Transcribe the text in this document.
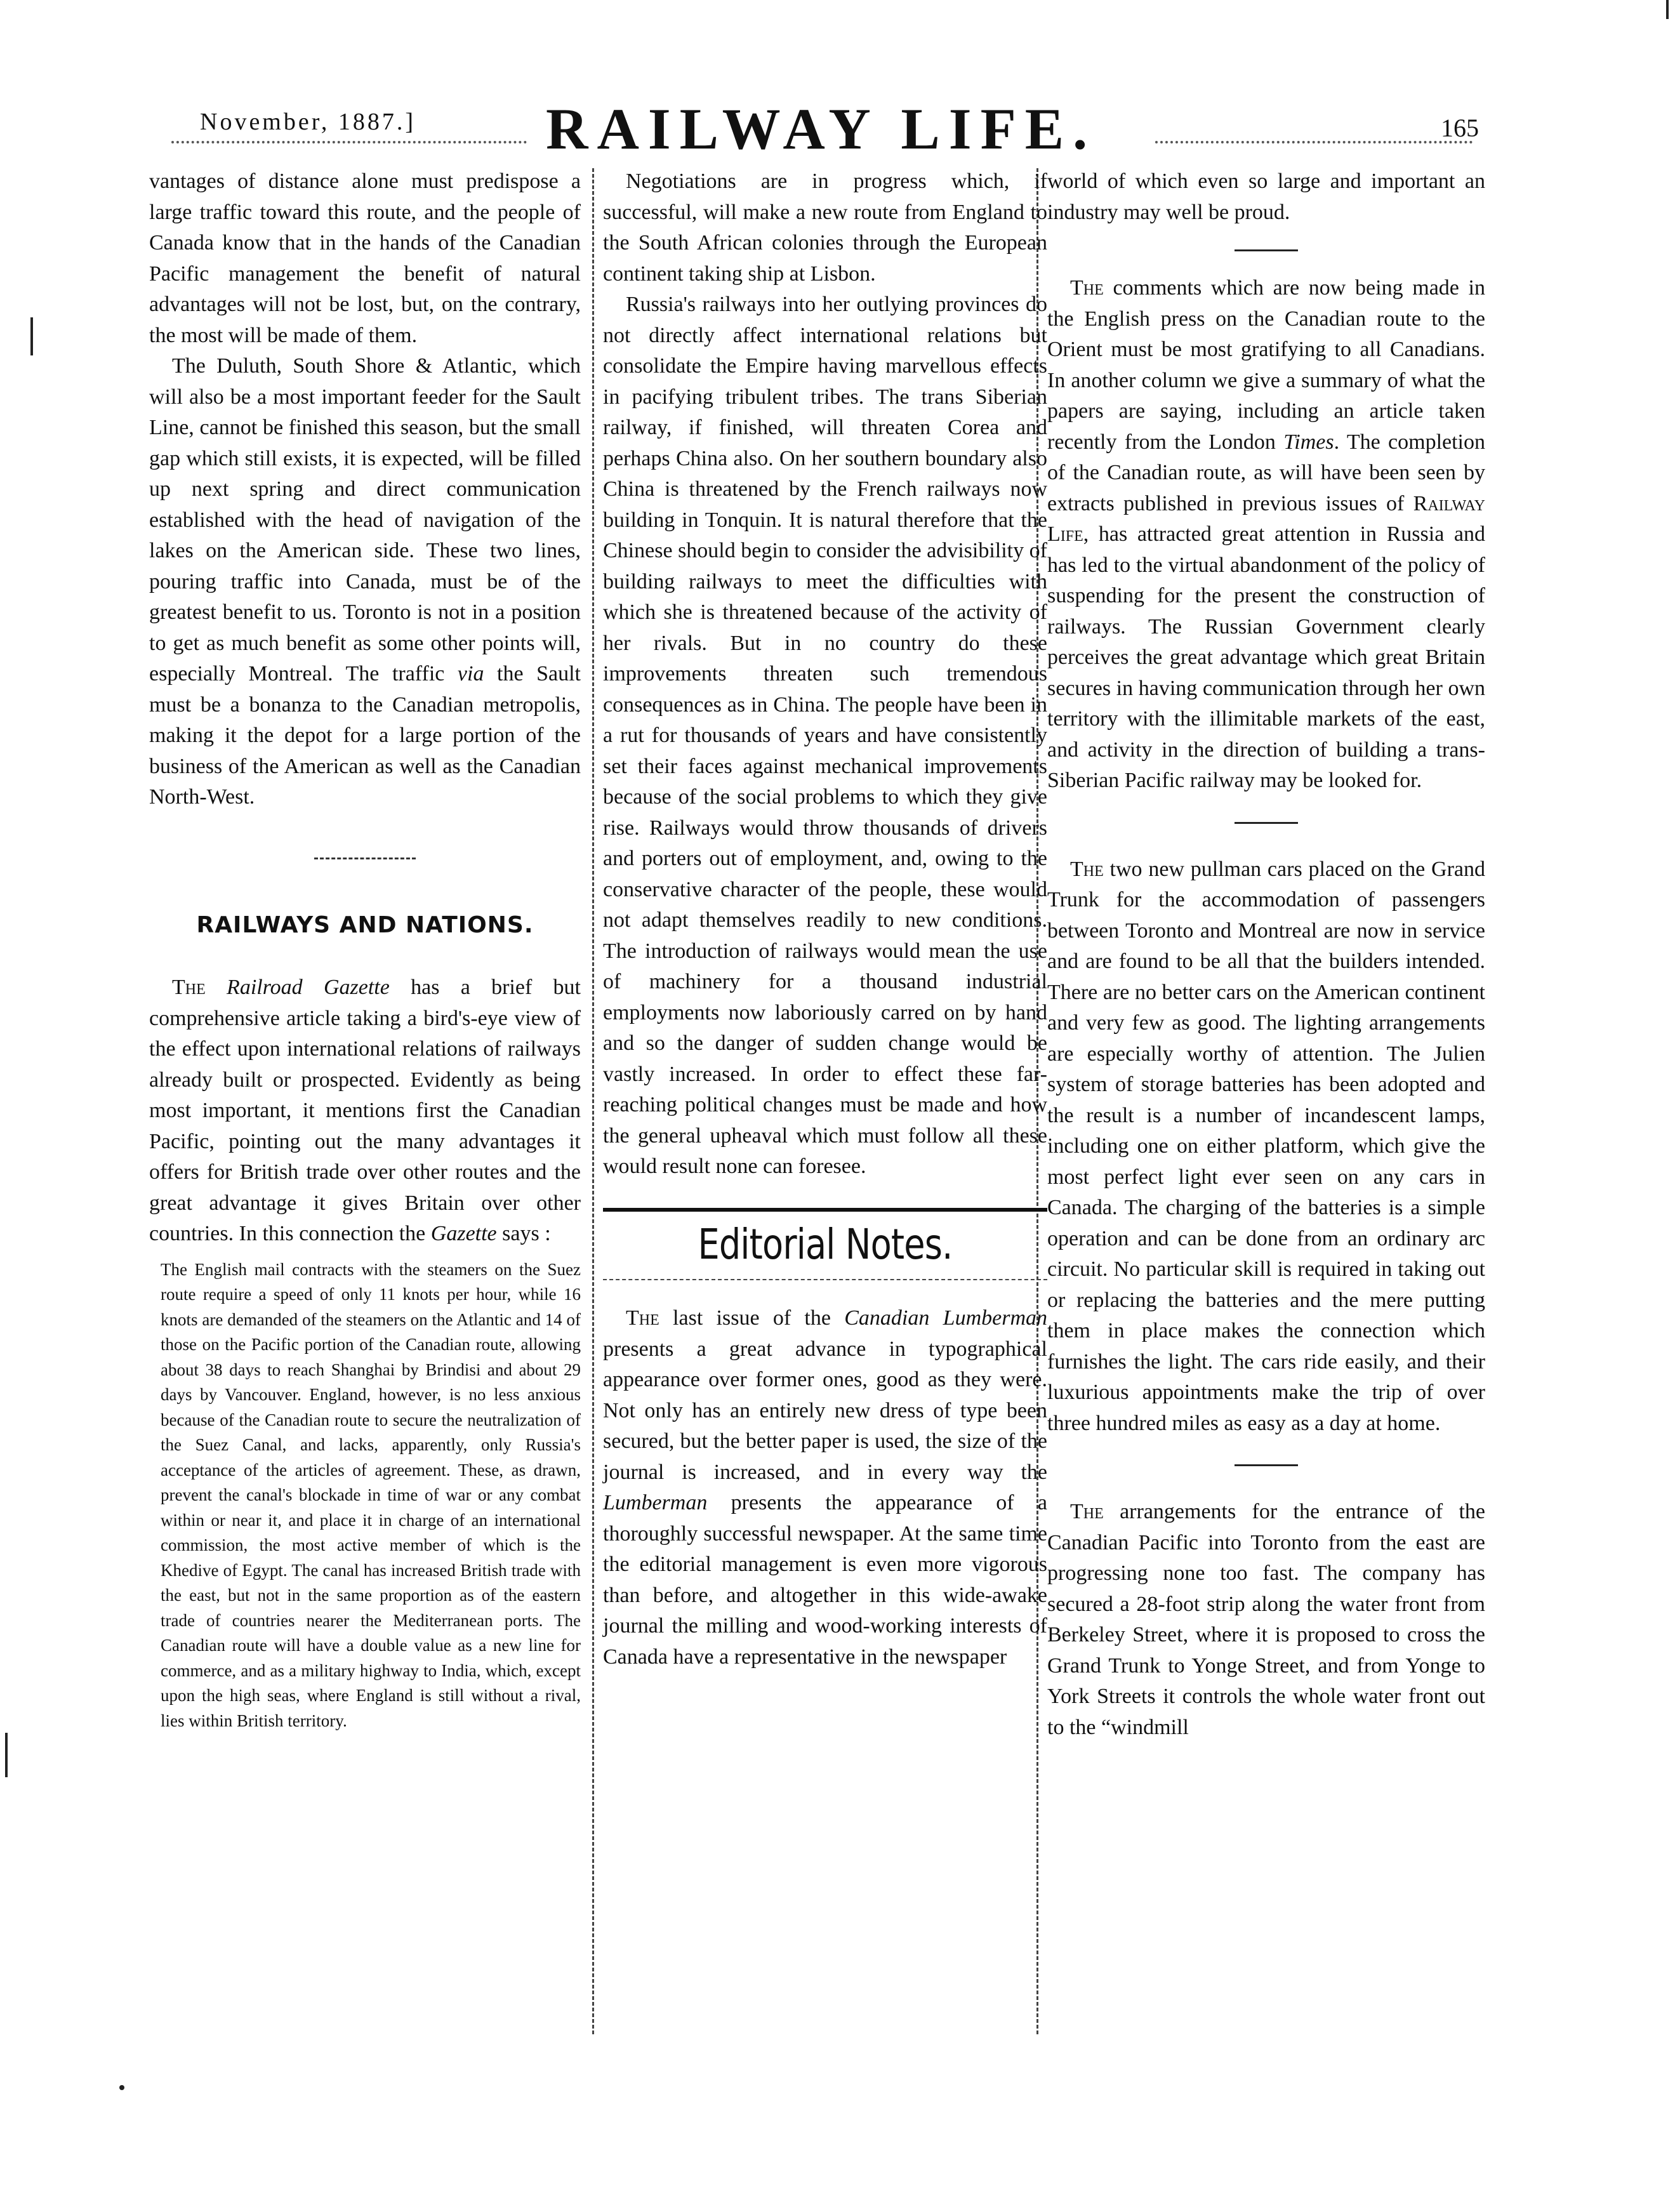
November, 1887.] RAILWAY LIFE.	165

vantages of distance alone must predispose a large traffic toward this route, and the people of Canada know that in the hands of the Canadian Pacific management the benefit of natural advantages will not be lost, but, on the contrary, the most will be made of them.

The Duluth, South Shore & Atlantic, which will also be a most important feeder for the Sault Line, cannot be finished this season, but the small gap which still exists, it is expected, will be filled up next spring and direct communication established with the head of navigation of the lakes on the American side. These two lines, pouring traffic into Canada, must be of the greatest benefit to us. Toronto is not in a position to get as much benefit as some other points will, especially Montreal. The traffic via the Sault must be a bonanza to the Canadian metropolis, making it the depot for a large portion of the business of the American as well as the Canadian North-West.

RAILWAYS AND NATIONS.

The Railroad Gazette has a brief but comprehensive article taking a bird's-eye view of the effect upon international relations of railways already built or prospected. Evidently as being most important, it mentions first the Canadian Pacific, pointing out the many advantages it offers for British trade over other routes and the great advantage it gives Britain over other countries. In this connection the Gazette says :

The English mail contracts with the steamers on the Suez route require a speed of only 11 knots per hour, while 16 knots are demanded of the steamers on the Atlantic and 14 of those on the Pacific portion of the Canadian route, allowing about 38 days to reach Shanghai by Brindisi and about 29 days by Vancouver. England, however, is no less anxious because of the Canadian route to secure the neutralization of the Suez Canal, and lacks, apparently, only Russia's acceptance of the articles of agreement. These, as drawn, prevent the canal's blockade in time of war or any combat within or near it, and place it in charge of an international commission, the most active member of which is the Khedive of Egypt. The canal has increased British trade with the east, but not in the same proportion as of the eastern trade of countries nearer the Mediterranean ports. The Canadian route will have a double value as a new line for commerce, and as a military highway to India, which, except upon the high seas, where England is still without a rival, lies within British territory.

Negotiations are in progress which, if successful, will make a new route from England to the South African colonies through the European continent taking ship at Lisbon.

Russia's railways into her outlying provinces do not directly affect international relations but consolidate the Empire having marvellous effects in pacifying tribulent tribes. The trans Siberian railway, if finished, will threaten Corea and perhaps China also. On her southern boundary also China is threatened by the French railways now building in Tonquin. It is natural therefore that the Chinese should begin to consider the advisibility of building railways to meet the difficulties with which she is threatened because of the activity of her rivals. But in no country do these improvements threaten such tremendous consequences as in China. The people have been in a rut for thousands of years and have consistently set their faces against mechanical improvements because of the social problems to which they give rise. Railways would throw thousands of drivers and porters out of employment, and, owing to the conservative character of the people, these would not adapt themselves readily to new conditions. The introduction of railways would mean the use of machinery for a thousand industrial employments now laboriously carred on by hand and so the danger of sudden change would be vastly increased. In order to effect these far-reaching political changes must be made and how the general upheaval which must follow all these would result none can foresee.

Editorial Notes.

The last issue of the Canadian Lumberman presents a great advance in typographical appearance over former ones, good as they were. Not only has an entirely new dress of type been secured, but the better paper is used, the size of the journal is increased, and in every way the Lumberman presents the appearance of a thoroughly successful newspaper. At the same time the editorial management is even more vigorous than before, and altogether in this wide-awake journal the milling and wood-working interests of Canada have a representative in the newspaper

world of which even so large and important an industry may well be proud.

The comments which are now being made in the English press on the Canadian route to the Orient must be most gratifying to all Canadians. In another column we give a summary of what the papers are saying, including an article taken recently from the London Times. The completion of the Canadian route, as will have been seen by extracts published in previous issues of Railway Life, has attracted great attention in Russia and has led to the virtual abandonment of the policy of suspending for the present the construction of railways. The Russian Government clearly perceives the great advantage which great Britain secures in having communication through her own territory with the illimitable markets of the east, and activity in the direction of building a trans-Siberian Pacific railway may be looked for.

The two new pullman cars placed on the Grand Trunk for the accommodation of passengers between Toronto and Montreal are now in service and are found to be all that the builders intended. There are no better cars on the American continent and very few as good. The lighting arrangements are especially worthy of attention. The Julien system of storage batteries has been adopted and the result is a number of incandescent lamps, including one on either platform, which give the most perfect light ever seen on any cars in Canada. The charging of the batteries is a simple operation and can be done from an ordinary arc circuit. No particular skill is required in taking out or replacing the batteries and the mere putting them in place makes the connection which furnishes the light. The cars ride easily, and their luxurious appointments make the trip of over three hundred miles as easy as a day at home.

The arrangements for the entrance of the Canadian Pacific into Toronto from the east are progressing none too fast. The company has secured a 28-foot strip along the water front from Berkeley Street, where it is proposed to cross the Grand Trunk to Yonge Street, and from Yonge to York Streets it controls the whole water front out to the “windmill
